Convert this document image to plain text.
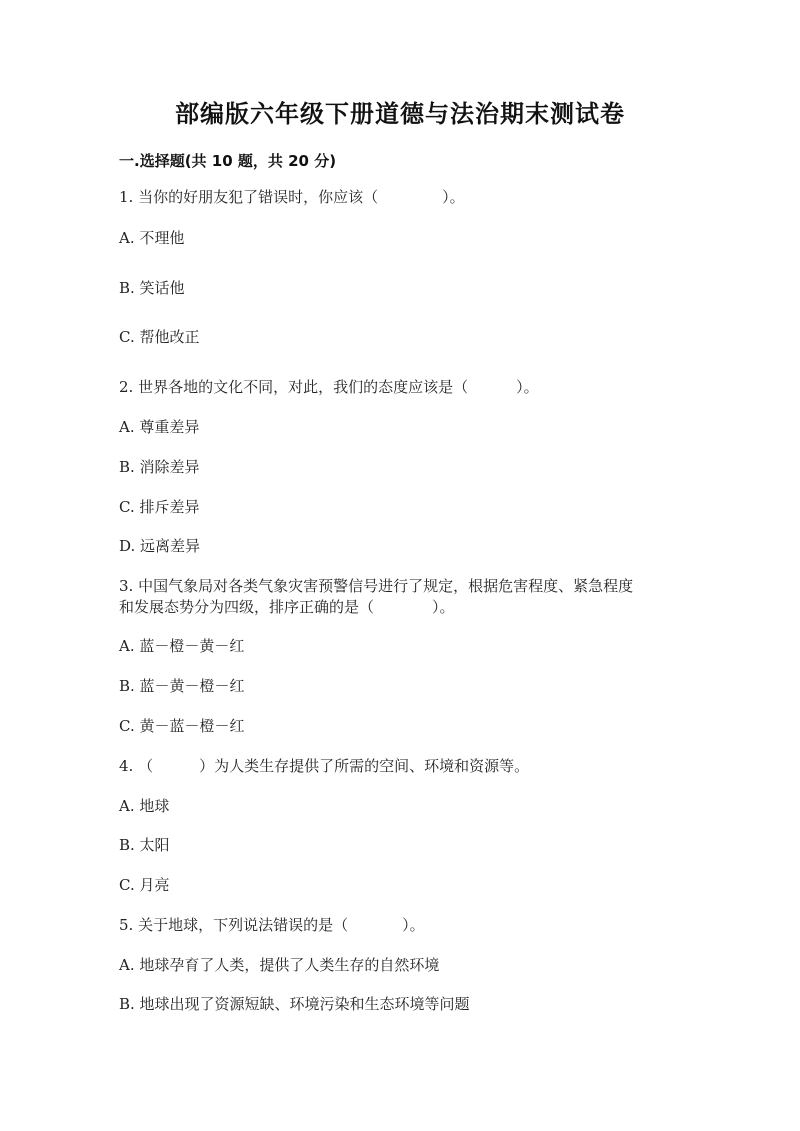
部编版六年级下册道德与法治期末测试卷
一.选择题(共 10 题，共 20 分)
1. 当你的好朋友犯了错误时，你应该（	）。
A. 不理他
B. 笑话他
C. 帮他改正
2. 世界各地的文化不同，对此，我们的态度应该是（	）。
A. 尊重差异
B. 消除差异
C. 排斥差异
D. 远离差异
3. 中国气象局对各类气象灾害预警信号进行了规定，根据危害程度、紧急程度
和发展态势分为四级，排序正确的是（	）。
A. 蓝－橙－黄－红
B. 蓝－黄－橙－红
C. 黄－蓝－橙－红
4. （	）为人类生存提供了所需的空间、环境和资源等。
A. 地球
B. 太阳
C. 月亮
5. 关于地球，下列说法错误的是（	）。
A. 地球孕育了人类，提供了人类生存的自然环境
B. 地球出现了资源短缺、环境污染和生态环境等问题
